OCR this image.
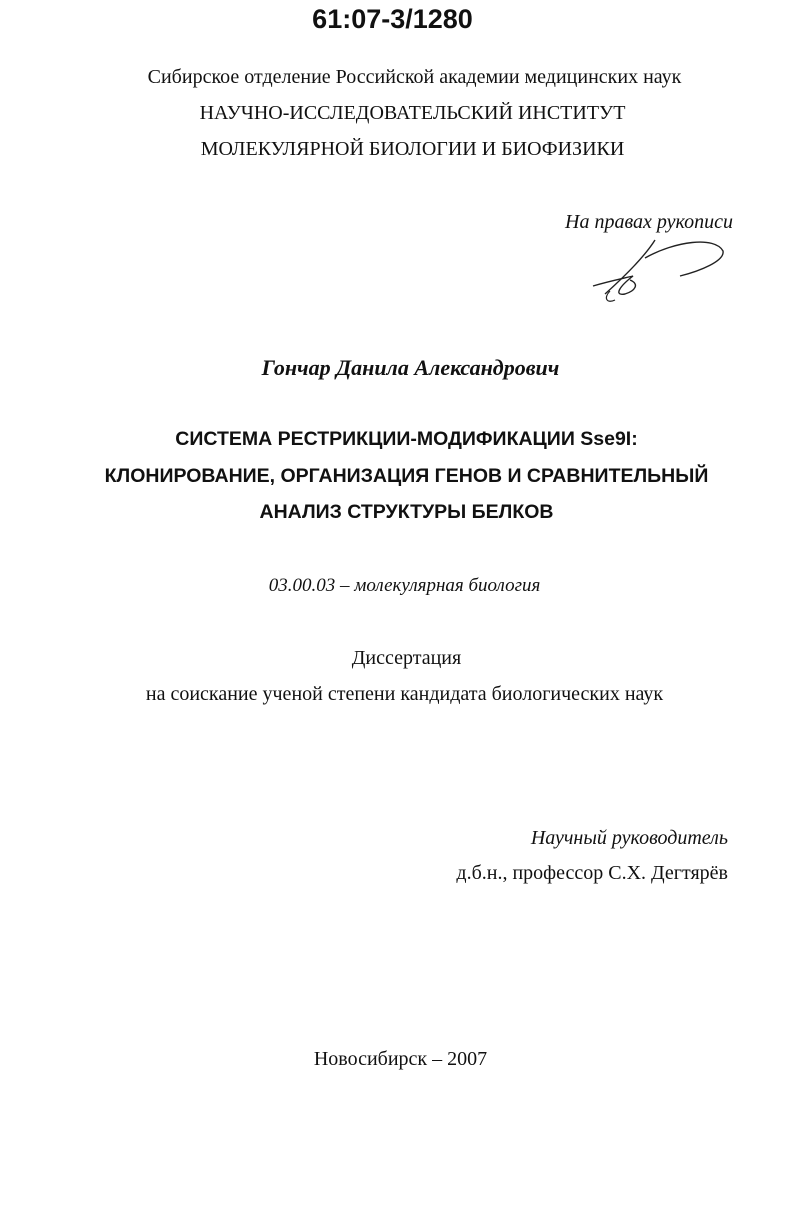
61:07-3/1280
Сибирское отделение Российской академии медицинских наук
НАУЧНО-ИССЛЕДОВАТЕЛЬСКИЙ ИНСТИТУТ
МОЛЕКУЛЯРНОЙ БИОЛОГИИ И БИОФИЗИКИ
На правах рукописи
Гончар Данила Александрович
СИСТЕМА РЕСТРИКЦИИ-МОДИФИКАЦИИ Sse9I:
КЛОНИРОВАНИЕ, ОРГАНИЗАЦИЯ ГЕНОВ И СРАВНИТЕЛЬНЫЙ
АНАЛИЗ СТРУКТУРЫ БЕЛКОВ
03.00.03 – молекулярная биология
Диссертация
на соискание ученой степени кандидата биологических наук
Научный руководитель
д.б.н., профессор С.Х. Дегтярёв
Новосибирск – 2007
